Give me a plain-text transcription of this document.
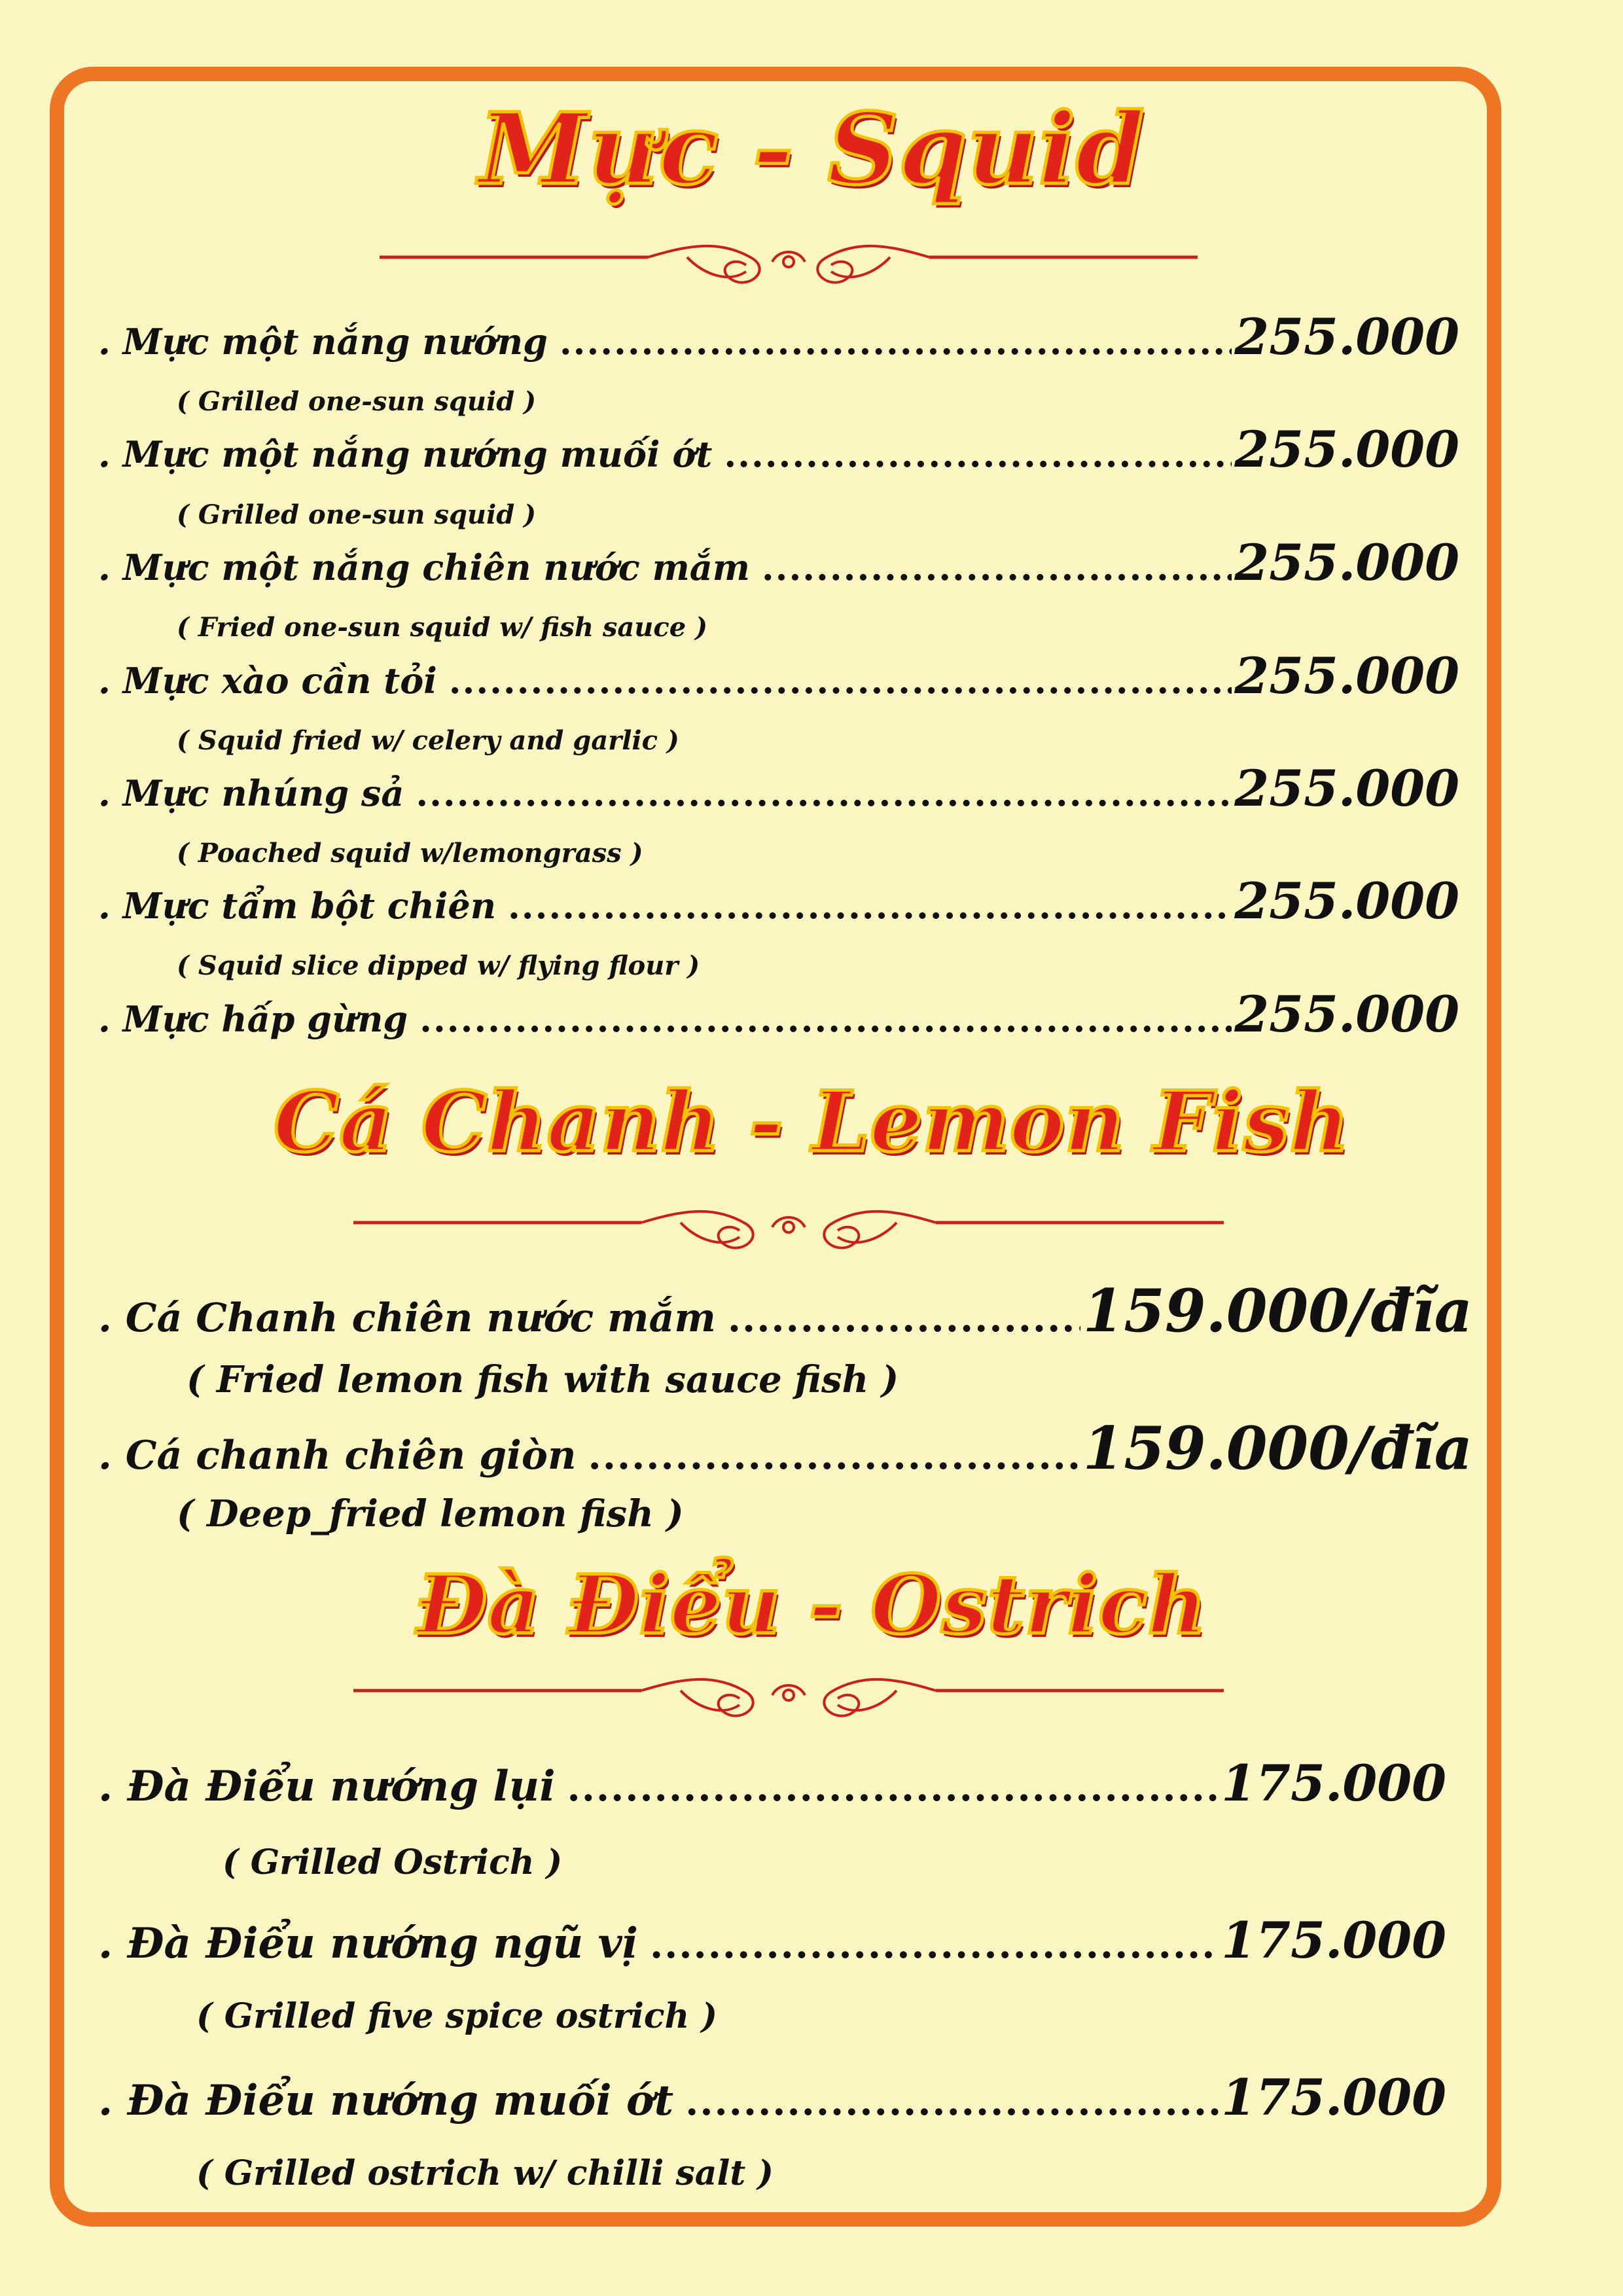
Mực - Squid
. Mực một nắng nướng .....	255.000
( Grilled one-sun squid )
. Mực một nắng nướng muối ớt .....	255.000
( Grilled one-sun squid )
. Mực một nắng chiên nước mắm .....	255.000
( Fried one-sun squid w/ fish sauce )
. Mực xào cần tỏi .....	255.000
( Squid fried w/ celery and garlic )
. Mực nhúng sả .....	255.000
( Poached squid w/lemongrass )
. Mực tẩm bột chiên .....	255.000
( Squid slice dipped w/ flying flour )
. Mực hấp gừng .....	255.000
Cá Chanh - Lemon Fish
. Cá Chanh chiên nước mắm .....	159.000/đĩa
( Fried lemon fish with sauce fish )
. Cá chanh chiên giòn .....	159.000/đĩa
( Deep_fried lemon fish )
Đà Điểu - Ostrich
. Đà Điểu nướng lụi .....	175.000
( Grilled Ostrich )
. Đà Điểu nướng ngũ vị .....	175.000
( Grilled five spice ostrich )
. Đà Điểu nướng muối ớt .....	175.000
( Grilled ostrich w/ chilli salt )
